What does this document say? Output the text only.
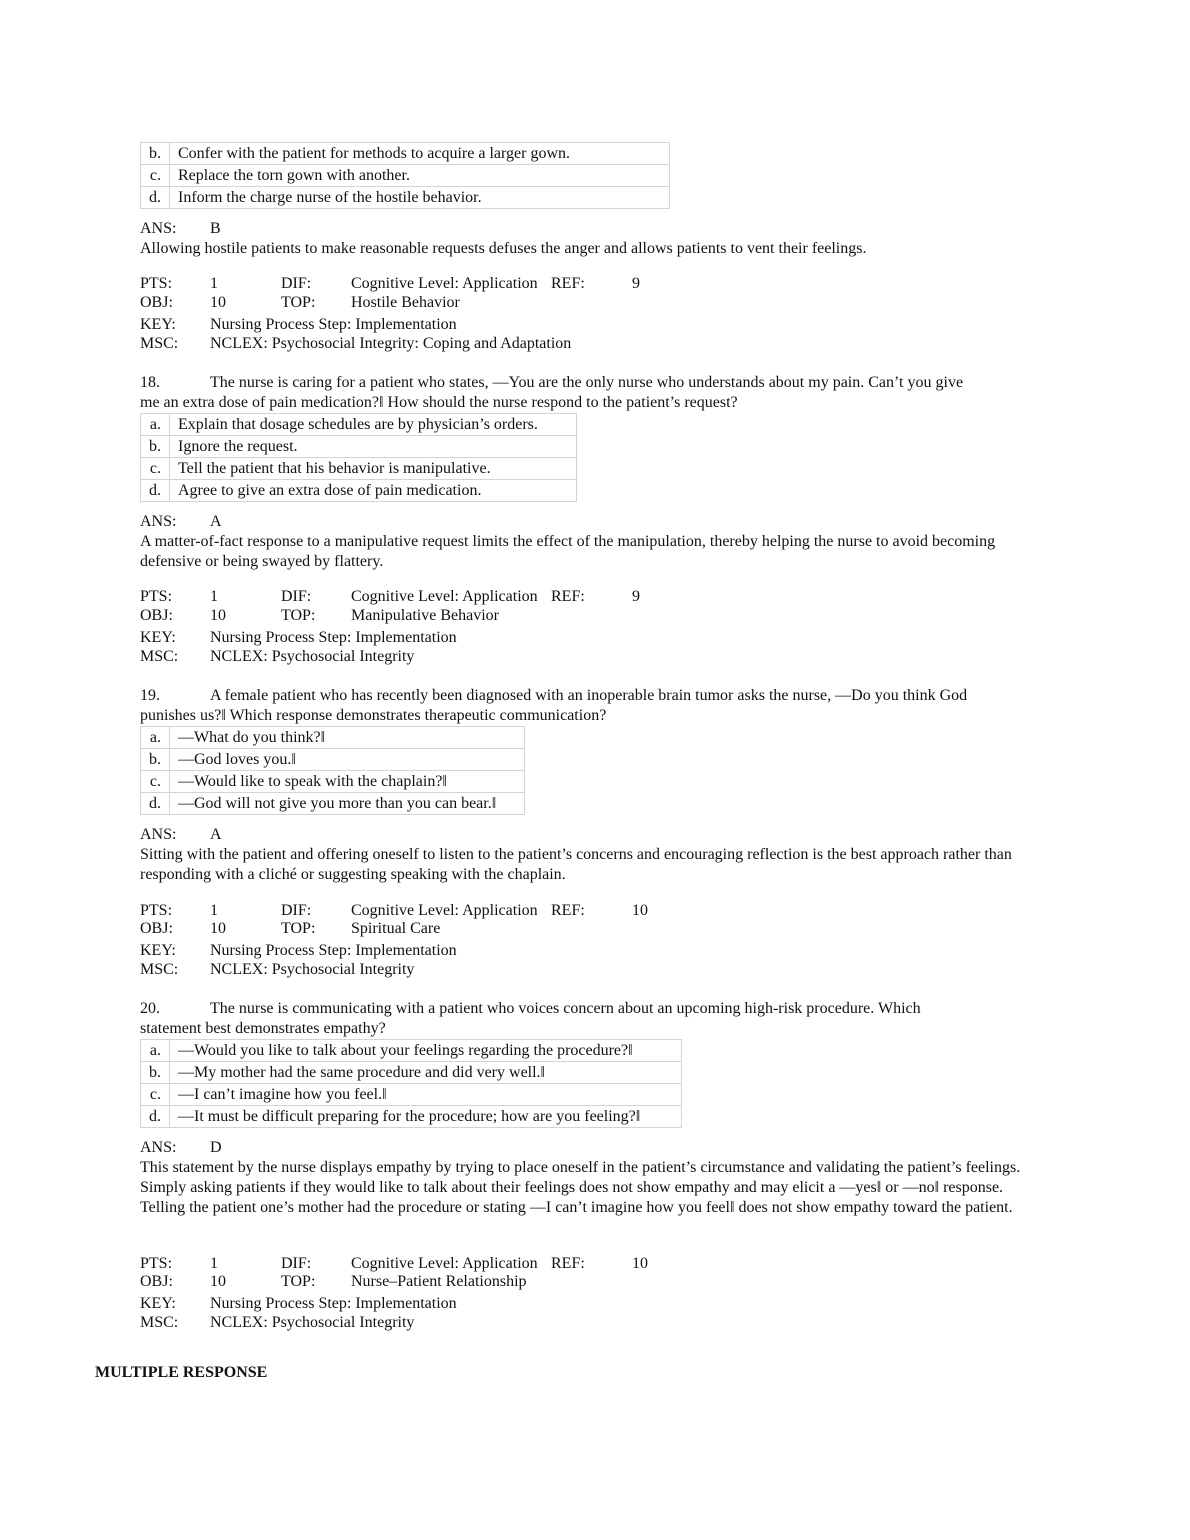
b.	Confer with the patient for methods to acquire a larger gown.
c.	Replace the torn gown with another.
d.	Inform the charge nurse of the hostile behavior.
ANS: B
Allowing hostile patients to make reasonable requests defuses the anger and allows patients to vent their feelings.
PTS: 1	DIF: Cognitive Level: Application REF:	9
OBJ: 10	TOP: Hostile Behavior
KEY: Nursing Process Step: Implementation
MSC: NCLEX: Psychosocial Integrity: Coping and Adaptation
18.	The nurse is caring for a patient who states, ―You are the only nurse who understands about my pain. Can’t you give
me an extra dose of pain medication?‖ How should the nurse respond to the patient’s request?
a.	Explain that dosage schedules are by physician’s orders.
b.	Ignore the request.
c.	Tell the patient that his behavior is manipulative.
d.	Agree to give an extra dose of pain medication.
ANS: A
A matter-of-fact response to a manipulative request limits the effect of the manipulation, thereby helping the nurse to avoid becoming defensive or being swayed by flattery.
PTS: 1	DIF: Cognitive Level: Application REF:	9
OBJ: 10	TOP: Manipulative Behavior
KEY: Nursing Process Step: Implementation
MSC: NCLEX: Psychosocial Integrity
19.	A female patient who has recently been diagnosed with an inoperable brain tumor asks the nurse, ―Do you think God
punishes us?‖ Which response demonstrates therapeutic communication?
a.	―What do you think?‖
b.	―God loves you.‖
c.	―Would like to speak with the chaplain?‖
d.	―God will not give you more than you can bear.‖
ANS: A
Sitting with the patient and offering oneself to listen to the patient’s concerns and encouraging reflection is the best approach rather than responding with a cliché or suggesting speaking with the chaplain.
PTS: 1	DIF: Cognitive Level: Application REF:	10
OBJ: 10	TOP: Spiritual Care
KEY: Nursing Process Step: Implementation
MSC: NCLEX: Psychosocial Integrity
20.	The nurse is communicating with a patient who voices concern about an upcoming high-risk procedure. Which
statement best demonstrates empathy?
a.	―Would you like to talk about your feelings regarding the procedure?‖
b.	―My mother had the same procedure and did very well.‖
c.	―I can’t imagine how you feel.‖
d.	―It must be difficult preparing for the procedure; how are you feeling?‖
ANS: D
This statement by the nurse displays empathy by trying to place oneself in the patient’s circumstance and validating the patient’s feelings. Simply asking patients if they would like to talk about their feelings does not show empathy and may elicit a ―yes‖ or ―no‖ response. Telling the patient one’s mother had the procedure or stating ―I can’t imagine how you feel‖ does not show empathy toward the patient.
PTS: 1	DIF: Cognitive Level: Application REF:	10
OBJ: 10	TOP: Nurse–Patient Relationship
KEY: Nursing Process Step: Implementation
MSC: NCLEX: Psychosocial Integrity
MULTIPLE RESPONSE
